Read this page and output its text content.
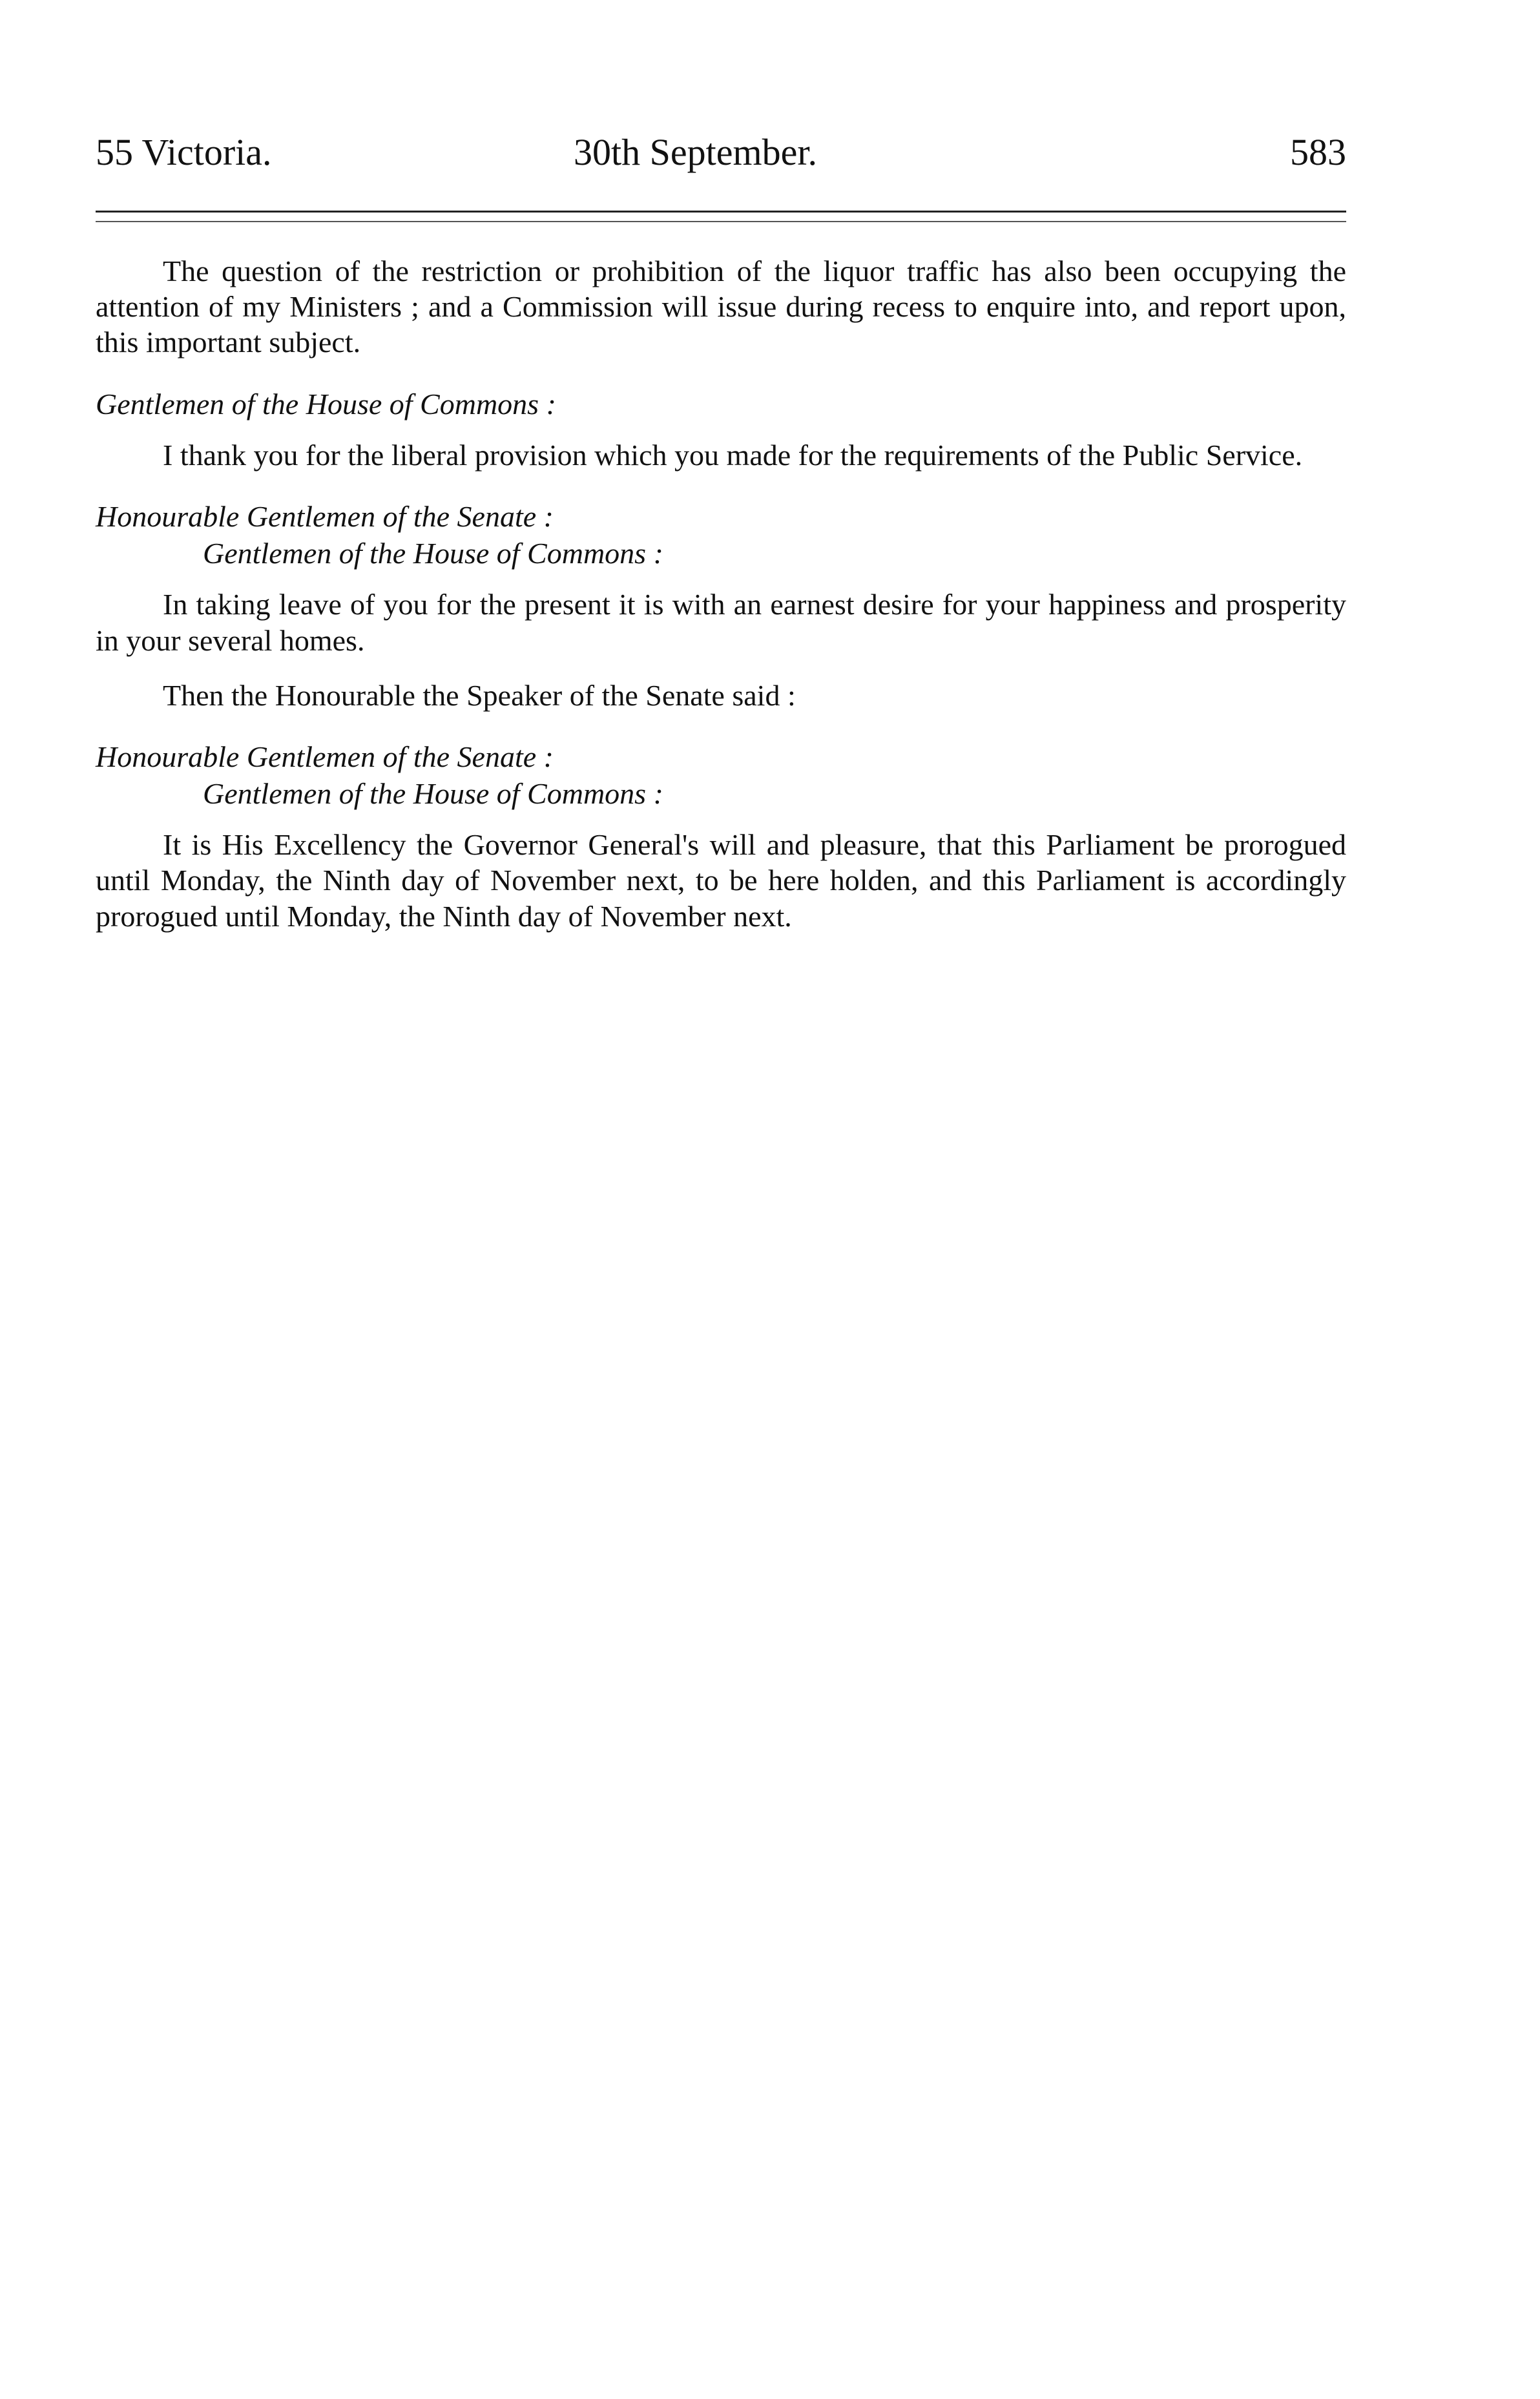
55 Victoria.	30th September.	583

The question of the restriction or prohibition of the liquor traffic has also been occupying the attention of my Ministers ; and a Commission will issue during recess to enquire into, and report upon, this important subject.

Gentlemen of the House of Commons :

I thank you for the liberal provision which you made for the requirements of the Public Service.

Honourable Gentlemen of the Senate :

Gentlemen of the House of Commons :

In taking leave of you for the present it is with an earnest desire for your happiness and prosperity in your several homes.

Then the Honourable the Speaker of the Senate said :

Honourable Gentlemen of the Senate :

Gentlemen of the House of Commons :

It is His Excellency the Governor General's will and pleasure, that this Parliament be prorogued until Monday, the Ninth day of November next, to be here holden, and this Parliament is accordingly prorogued until Monday, the Ninth day of November next.
